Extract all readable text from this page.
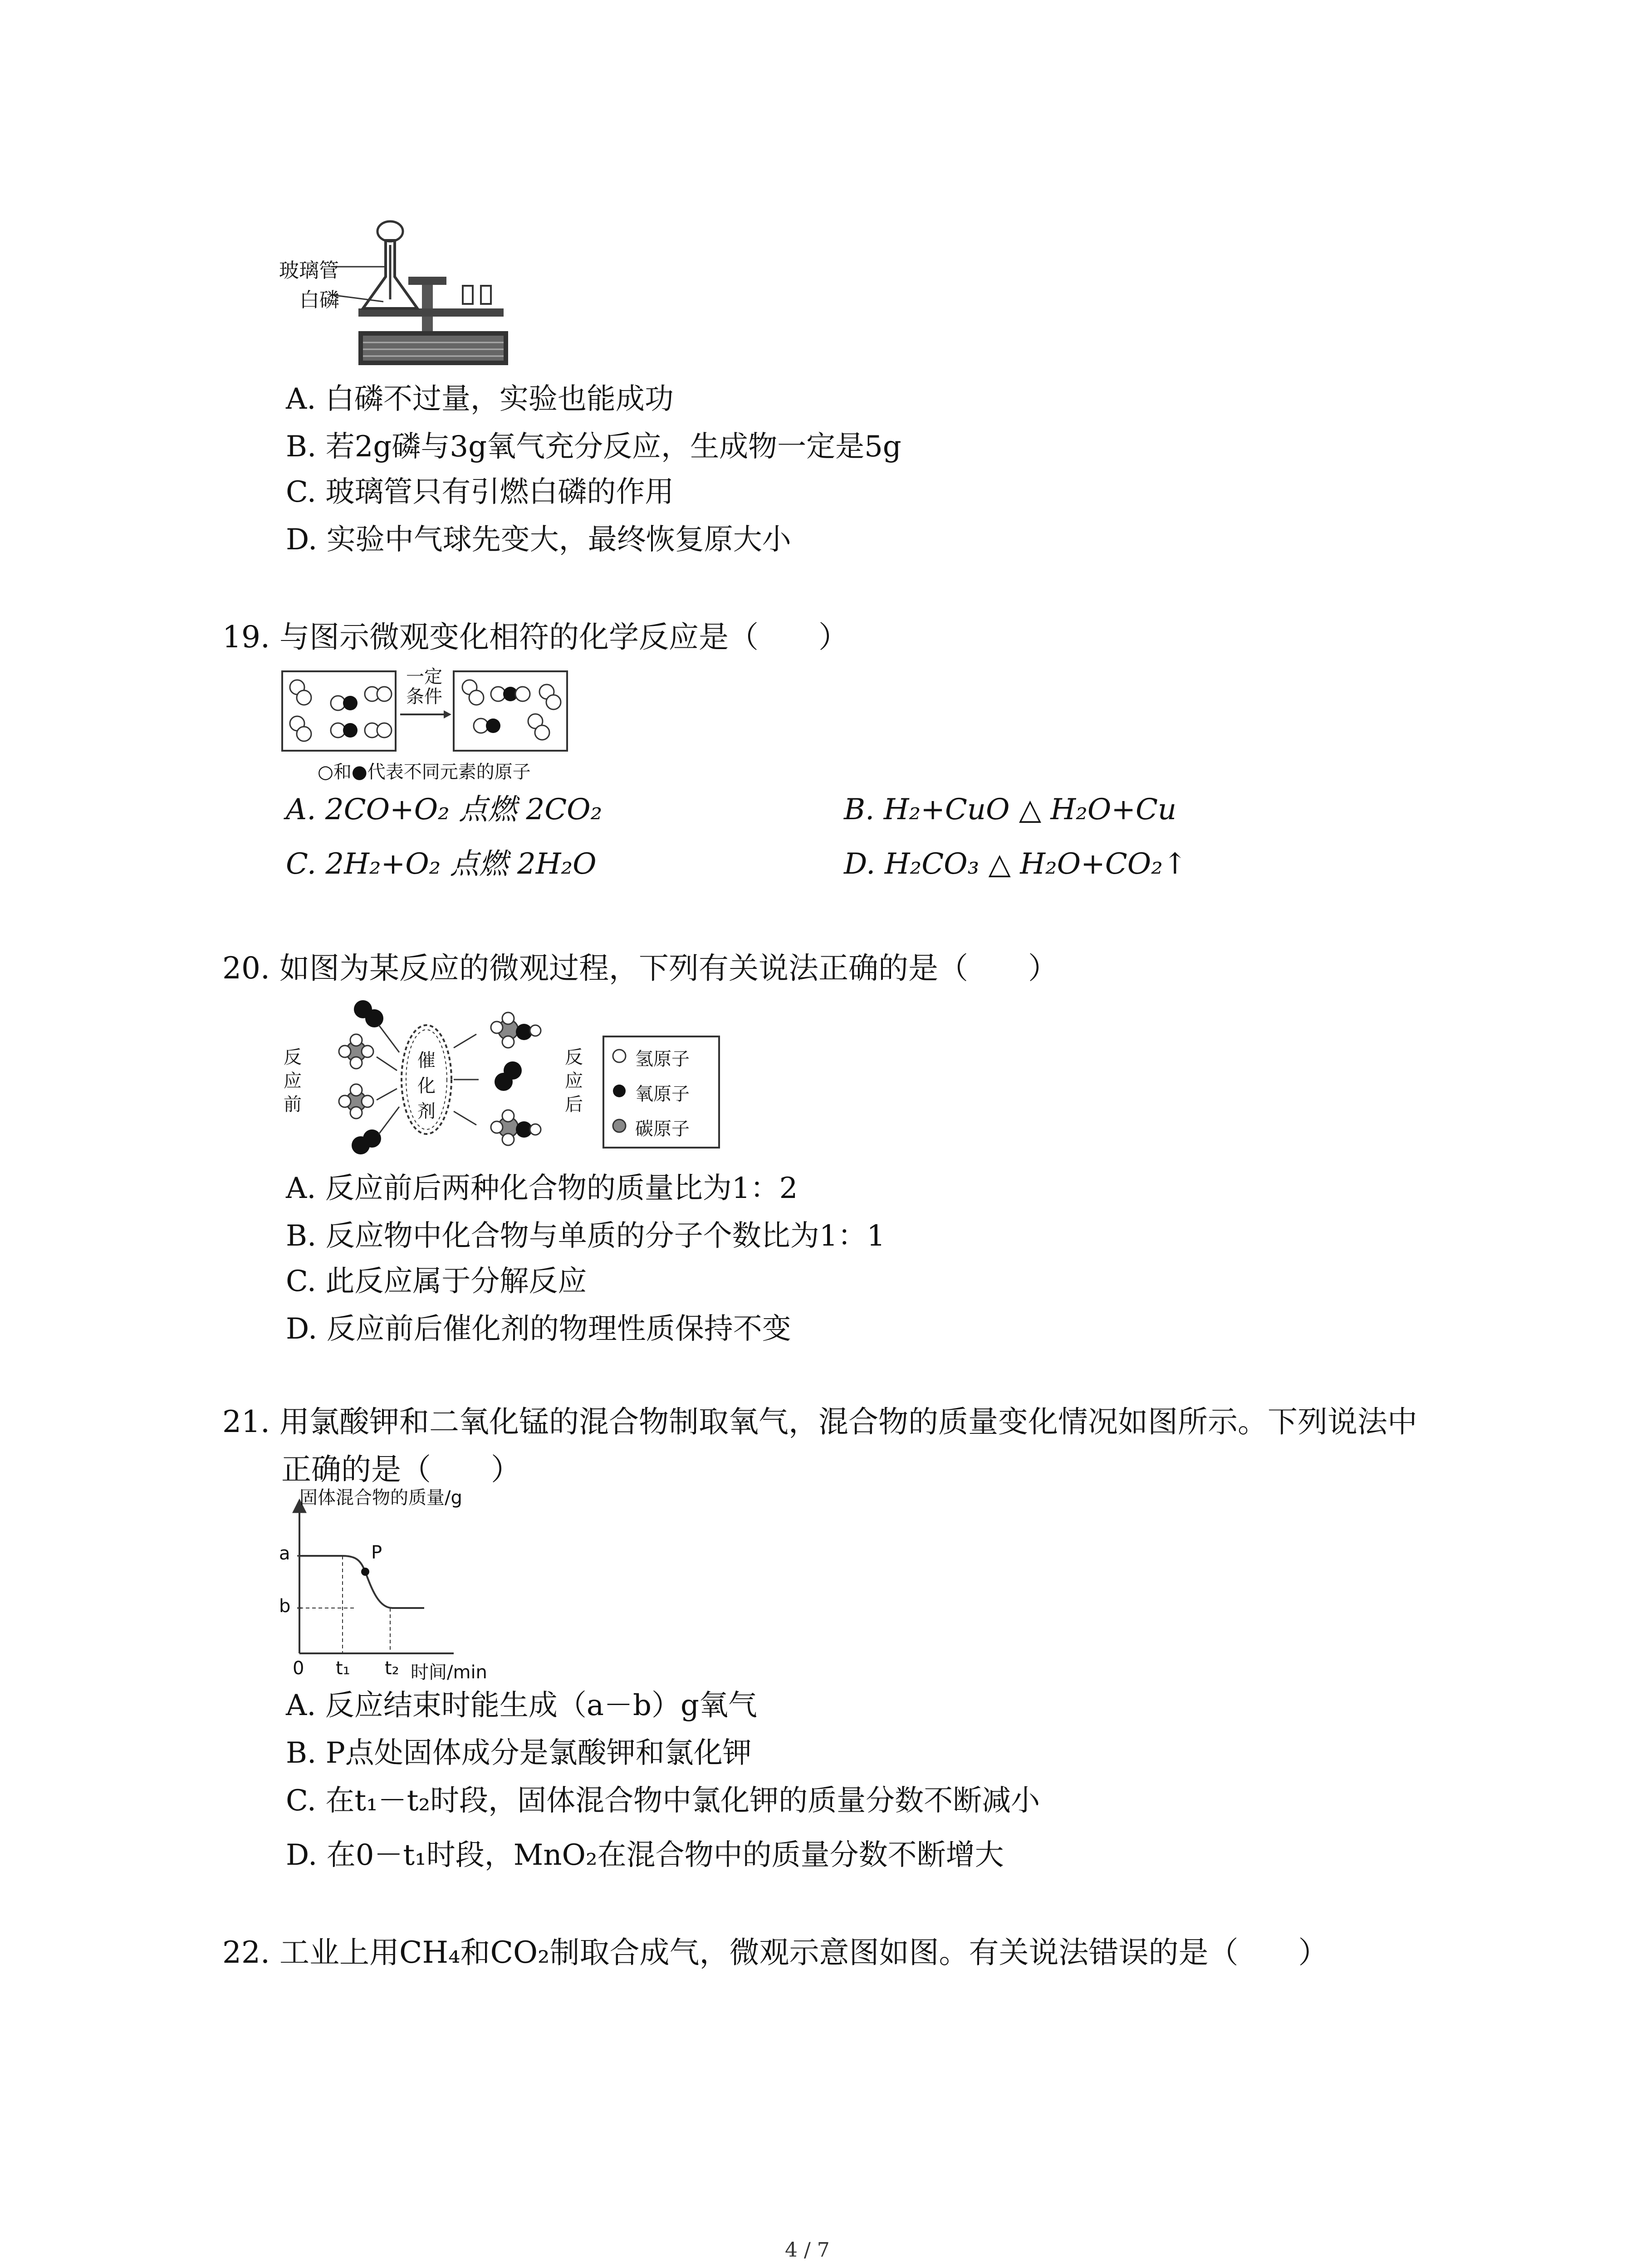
玻璃管
白磷
A. 白磷不过量，实验也能成功
B. 若2g磷与3g氧气充分反应，生成物一定是5g
C. 玻璃管只有引燃白磷的作用
D. 实验中气球先变大，最终恢复原大小
19. 与图示微观变化相符的化学反应是（　　）
一定条件
○和●代表不同元素的原子
A. 2CO+O₂ 点燃 2CO₂	B. H₂+CuO △ H₂O+Cu
C. 2H₂+O₂ 点燃 2H₂O	D. H₂CO₃ △ H₂O+CO₂↑
20. 如图为某反应的微观过程，下列有关说法正确的是（　　）
反应前
催化剂
反应后
氢原子
氧原子
碳原子
A. 反应前后两种化合物的质量比为1：2
B. 反应物中化合物与单质的分子个数比为1：1
C. 此反应属于分解反应
D. 反应前后催化剂的物理性质保持不变
21. 用氯酸钾和二氧化锰的混合物制取氧气，混合物的质量变化情况如图所示。下列说法中
正确的是（　　）
固体混合物的质量/g
a
b
P
0 t₁ t₂ 时间/min
A. 反应结束时能生成（a－b）g氧气
B. P点处固体成分是氯酸钾和氯化钾
C. 在t₁－t₂时段，固体混合物中氯化钾的质量分数不断减小
D. 在0－t₁时段，MnO₂在混合物中的质量分数不断增大
22. 工业上用CH₄和CO₂制取合成气，微观示意图如图。有关说法错误的是（　　）
4 / 7
